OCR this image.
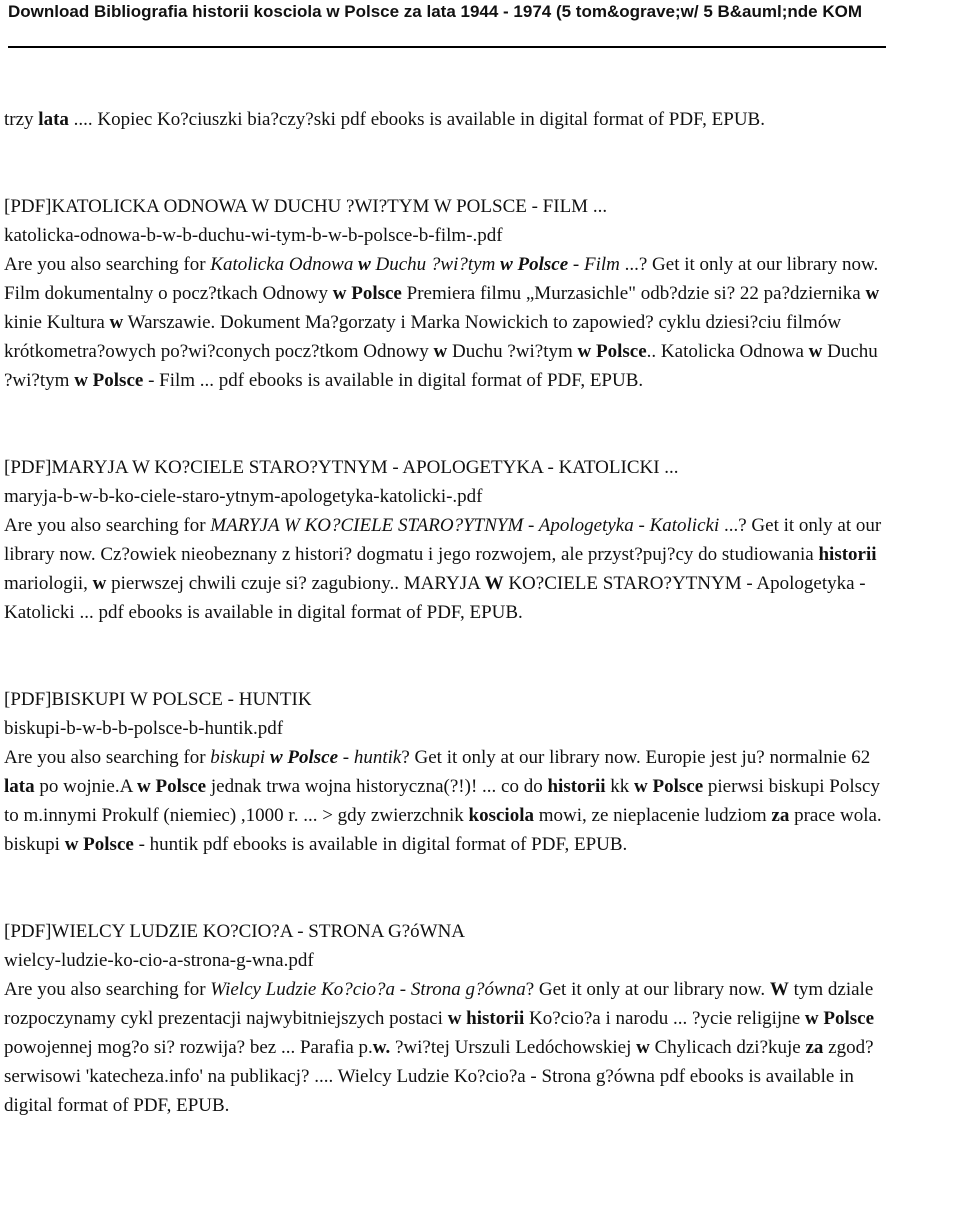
Download Bibliografia historii kosciola w Polsce za lata 1944 - 1974 (5 tom&ograve;w/ 5 B&auml;nde KOM

trzy lata .... Kopiec Ko?ciuszki bia?czy?ski pdf ebooks is available in digital format of PDF, EPUB.

[PDF]KATOLICKA ODNOWA W DUCHU ?WI?TYM W POLSCE - FILM ...
katolicka-odnowa-b-w-b-duchu-wi-tym-b-w-b-polsce-b-film-.pdf

Are you also searching for Katolicka Odnowa w Duchu ?wi?tym w Polsce - Film ...? Get it only at our library now. Film dokumentalny o pocz?tkach Odnowy w Polsce Premiera filmu „Murzasichle" odb?dzie si? 22 pa?dziernika w kinie Kultura w Warszawie. Dokument Ma?gorzaty i Marka Nowickich to zapowied? cyklu dziesi?ciu filmów krótkometra?owych po?wi?conych pocz?tkom Odnowy w Duchu ?wi?tym w Polsce.. Katolicka Odnowa w Duchu ?wi?tym w Polsce - Film ... pdf ebooks is available in digital format of PDF, EPUB.

[PDF]MARYJA W KO?CIELE STARO?YTNYM - APOLOGETYKA - KATOLICKI ...
maryja-b-w-b-ko-ciele-staro-ytnym-apologetyka-katolicki-.pdf

Are you also searching for MARYJA W KO?CIELE STARO?YTNYM - Apologetyka - Katolicki ...? Get it only at our library now. Cz?owiek nieobeznany z histori? dogmatu i jego rozwojem, ale przyst?puj?cy do studiowania historii mariologii, w pierwszej chwili czuje si? zagubiony.. MARYJA W KO?CIELE STARO?YTNYM - Apologetyka - Katolicki ... pdf ebooks is available in digital format of PDF, EPUB.

[PDF]BISKUPI W POLSCE - HUNTIK
biskupi-b-w-b-b-polsce-b-huntik.pdf

Are you also searching for biskupi w Polsce - huntik? Get it only at our library now. Europie jest ju? normalnie 62 lata po wojnie.A w Polsce jednak trwa wojna historyczna(?!)! ... co do historii kk w Polsce pierwsi biskupi Polscy to m.innymi Prokulf (niemiec) ,1000 r. ... > gdy zwierzchnik kosciola mowi, ze nieplacenie ludziom za prace wola. biskupi w Polsce - huntik pdf ebooks is available in digital format of PDF, EPUB.

[PDF]WIELCY LUDZIE KO?CIO?A - STRONA G?óWNA
wielcy-ludzie-ko-cio-a-strona-g-wna.pdf

Are you also searching for Wielcy Ludzie Ko?cio?a - Strona g?ówna? Get it only at our library now. W tym dziale rozpoczynamy cykl prezentacji najwybitniejszych postaci w historii Ko?cio?a i narodu ... ?ycie religijne w Polsce powojennej mog?o si? rozwija? bez ... Parafia p.w. ?wi?tej Urszuli Ledóchowskiej w Chylicach dzi?kuje za zgod? serwisowi 'katecheza.info' na publikacj? .... Wielcy Ludzie Ko?cio?a - Strona g?ówna pdf ebooks is available in digital format of PDF, EPUB.
